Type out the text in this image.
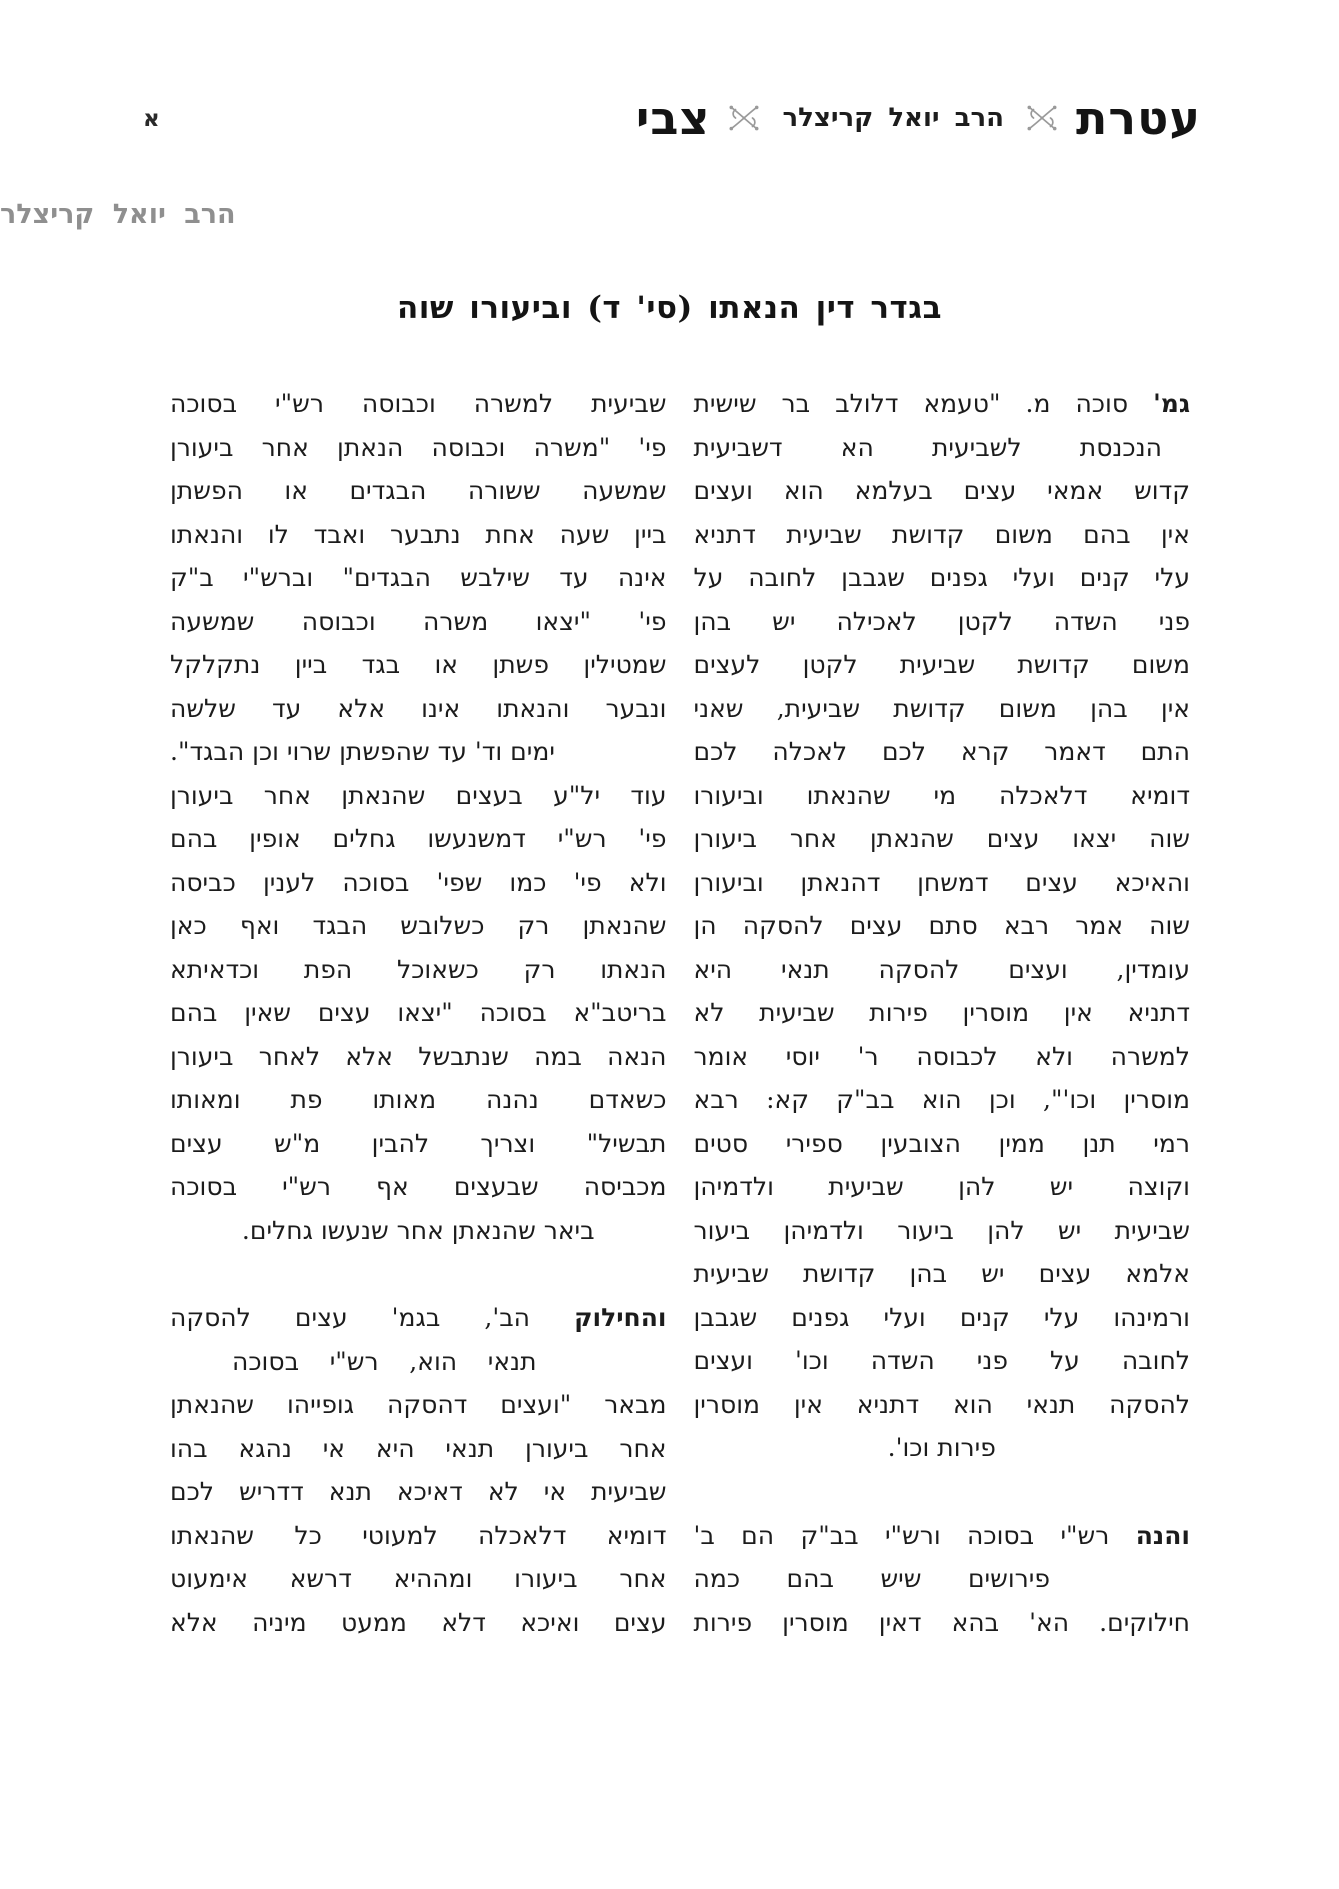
עטרת
הרב יואל קריצלר
צבי
א
הרב יואל קריצלר
בגדר דין הנאתו (סי' ד) וביעורו שוה
גמ' סוכה מ. "טעמא דלולב בר שישית
הנכנסת לשביעית הא דשביעית
קדוש אמאי עצים בעלמא הוא ועצים
אין בהם משום קדושת שביעית דתניא
עלי קנים ועלי גפנים שגבבן לחובה על
פני השדה לקטן לאכילה יש בהן
משום קדושת שביעית לקטן לעצים
אין בהן משום קדושת שביעית, שאני
התם דאמר קרא לכם לאכלה לכם
דומיא דלאכלה מי שהנאתו וביעורו
שוה יצאו עצים שהנאתן אחר ביעורן
והאיכא עצים דמשחן דהנאתן וביעורן
שוה אמר רבא סתם עצים להסקה הן
עומדין, ועצים להסקה תנאי היא
דתניא אין מוסרין פירות שביעית לא
למשרה ולא לכבוסה ר' יוסי אומר
מוסרין וכו'", וכן הוא בב"ק קא: רבא
רמי תנן ממין הצובעין ספירי סטים
וקוצה יש להן שביעית ולדמיהן
שביעית יש להן ביעור ולדמיהן ביעור
אלמא עצים יש בהן קדושת שביעית
ורמינהו עלי קנים ועלי גפנים שגבבן
לחובה על פני השדה וכו' ועצים
להסקה תנאי הוא דתניא אין מוסרין
פירות וכו'.
והנה רש"י בסוכה ורש"י בב"ק הם ב'
פירושים שיש בהם כמה
חילוקים. הא' בהא דאין מוסרין פירות
שביעית למשרה וכבוסה רש"י בסוכה
פי' "משרה וכבוסה הנאתן אחר ביעורן
שמשעה ששורה הבגדים או הפשתן
ביין שעה אחת נתבער ואבד לו והנאתו
אינה עד שילבש הבגדים" וברש"י ב"ק
פי' "יצאו משרה וכבוסה שמשעה
שמטילין פשתן או בגד ביין נתקלקל
ונבער והנאתו אינו אלא עד שלשה
ימים וד' עד שהפשתן שרוי וכן הבגד".
עוד יל"ע בעצים שהנאתן אחר ביעורן
פי' רש"י דמשנעשו גחלים אופין בהם
ולא פי' כמו שפי' בסוכה לענין כביסה
שהנאתן רק כשלובש הבגד ואף כאן
הנאתו רק כשאוכל הפת וכדאיתא
בריטב"א בסוכה "יצאו עצים שאין בהם
הנאה במה שנתבשל אלא לאחר ביעורן
כשאדם נהנה מאותו פת ומאותו
תבשיל" וצריך להבין מ"ש עצים
מכביסה שבעצים אף רש"י בסוכה
ביאר שהנאתן אחר שנעשו גחלים.
והחילוק הב', בגמ' עצים להסקה
תנאי הוא, רש"י בסוכה
מבאר "ועצים דהסקה גופייהו שהנאתן
אחר ביעורן תנאי היא אי נהגא בהו
שביעית אי לא דאיכא תנא דדריש לכם
דומיא דלאכלה למעוטי כל שהנאתו
אחר ביעורו ומההיא דרשא אימעוט
עצים ואיכא דלא ממעט מיניה אלא
